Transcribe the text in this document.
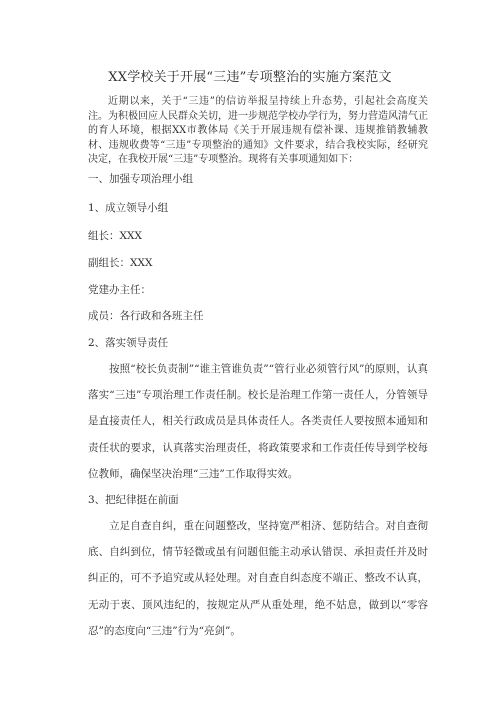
XX学校关于开展“三违”专项整治的实施方案范文
近期以来，关于“三违”的信访举报呈持续上升态势，引起社会高度关注。为积极回应人民群众关切，进一步规范学校办学行为，努力营造风清气正的育人环境，根据XX市教体局《关于开展违规有偿补课、违规推销教辅教材、违规收费等“三违”专项整治的通知》文件要求，结合我校实际，经研究决定，在我校开展“三违”专项整治。现将有关事项通知如下：
一、加强专项治理小组
1、成立领导小组
组长：XXX
副组长：XXX
党建办主任：
成员：各行政和各班主任
2、落实领导责任
按照“校长负责制”“谁主管谁负责”“管行业必须管行风”的原则，认真落实“三违”专项治理工作责任制。校长是治理工作第一责任人，分管领导是直接责任人，相关行政成员是具体责任人。各类责任人要按照本通知和责任状的要求，认真落实治理责任，将政策要求和工作责任传导到学校每位教师，确保坚决治理“三违”工作取得实效。
3、把纪律挺在前面
立足自查自纠，重在问题整改，坚持宽严相济、惩防结合。对自查彻底、自纠到位，情节轻微或虽有问题但能主动承认错误、承担责任并及时纠正的，可不予追究或从轻处理。对自查自纠态度不端正、整改不认真，无动于衷、顶风违纪的，按规定从严从重处理，绝不姑息，做到以“零容忍”的态度向“三违”行为“亮剑”。
